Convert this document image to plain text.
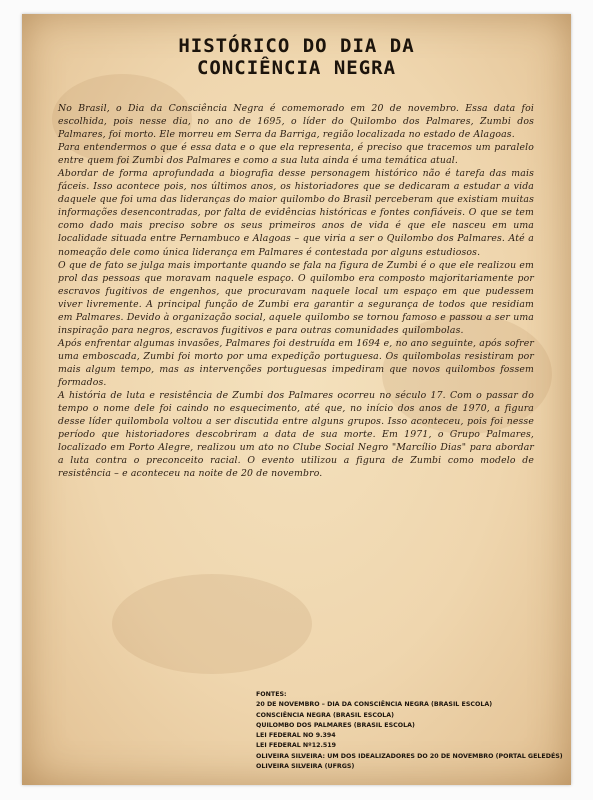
HISTÓRICO DO DIA DA
CONCIÊNCIA NEGRA

No Brasil, o Dia da Consciência Negra é comemorado em 20 de novembro. Essa data foi escolhida, pois nesse dia, no ano de 1695, o líder do Quilombo dos Palmares, Zumbi dos Palmares, foi morto. Ele morreu em Serra da Barriga, região localizada no estado de Alagoas.

Para entendermos o que é essa data e o que ela representa, é preciso que tracemos um paralelo entre quem foi Zumbi dos Palmares e como a sua luta ainda é uma temática atual.

Abordar de forma aprofundada a biografia desse personagem histórico não é tarefa das mais fáceis. Isso acontece pois, nos últimos anos, os historiadores que se dedicaram a estudar a vida daquele que foi uma das lideranças do maior quilombo do Brasil perceberam que existiam muitas informações desencontradas, por falta de evidências históricas e fontes confiáveis. O que se tem como dado mais preciso sobre os seus primeiros anos de vida é que ele nasceu em uma localidade situada entre Pernambuco e Alagoas – que viria a ser o Quilombo dos Palmares. Até a nomeação dele como única liderança em Palmares é contestada por alguns estudiosos.

O que de fato se julga mais importante quando se fala na figura de Zumbi é o que ele realizou em prol das pessoas que moravam naquele espaço. O quilombo era composto majoritariamente por escravos fugitivos de engenhos, que procuravam naquele local um espaço em que pudessem viver livremente. A principal função de Zumbi era garantir a segurança de todos que residiam em Palmares. Devido à organização social, aquele quilombo se tornou famoso e passou a ser uma inspiração para negros, escravos fugitivos e para outras comunidades quilombolas.

Após enfrentar algumas invasões, Palmares foi destruída em 1694 e, no ano seguinte, após sofrer uma emboscada, Zumbi foi morto por uma expedição portuguesa. Os quilombolas resistiram por mais algum tempo, mas as intervenções portuguesas impediram que novos quilombos fossem formados.

A história de luta e resistência de Zumbi dos Palmares ocorreu no século 17. Com o passar do tempo o nome dele foi caindo no esquecimento, até que, no início dos anos de 1970, a figura desse líder quilombola voltou a ser discutida entre alguns grupos. Isso aconteceu, pois foi nesse período que historiadores descobriram a data de sua morte. Em 1971, o Grupo Palmares, localizado em Porto Alegre, realizou um ato no Clube Social Negro "Marcílio Dias" para abordar a luta contra o preconceito racial. O evento utilizou a figura de Zumbi como modelo de resistência – e aconteceu na noite de 20 de novembro.

FONTES:
20 DE NOVEMBRO – DIA DA CONSCIÊNCIA NEGRA (BRASIL ESCOLA)
CONSCIÊNCIA NEGRA (BRASIL ESCOLA)
QUILOMBO DOS PALMARES (BRASIL ESCOLA)
LEI FEDERAL NO 9.394
LEI FEDERAL Nº12.519
OLIVEIRA SILVEIRA: UM DOS IDEALIZADORES DO 20 DE NOVEMBRO (PORTAL GELEDÉS)
OLIVEIRA SILVEIRA (UFRGS)
